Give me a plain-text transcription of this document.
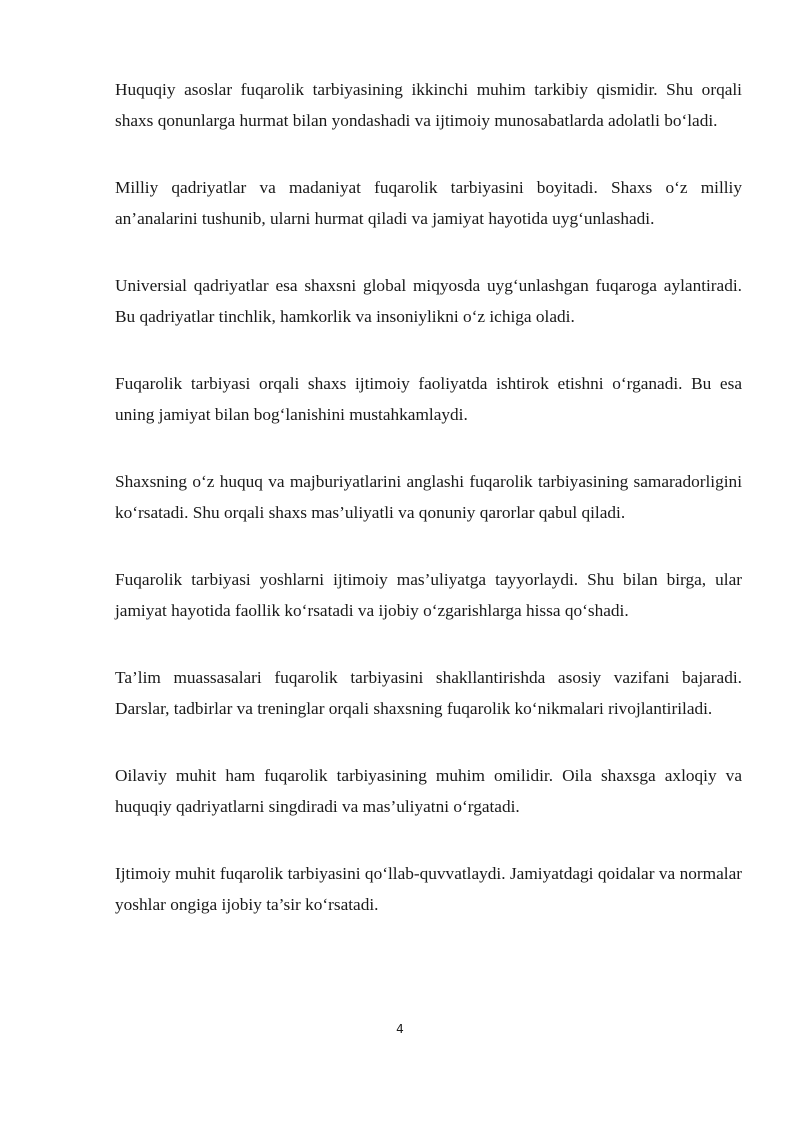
Huquqiy asoslar fuqarolik tarbiyasining ikkinchi muhim tarkibiy qismidir. Shu orqali shaxs qonunlarga hurmat bilan yondashadi va ijtimoiy munosabatlarda adolatli bo‘ladi.

Milliy qadriyatlar va madaniyat fuqarolik tarbiyasini boyitadi. Shaxs o‘z milliy an’analarini tushunib, ularni hurmat qiladi va jamiyat hayotida uyg‘unlashadi.

Universial qadriyatlar esa shaxsni global miqyosda uyg‘unlashgan fuqaroga aylantiradi. Bu qadriyatlar tinchlik, hamkorlik va insoniylikni o‘z ichiga oladi.

Fuqarolik tarbiyasi orqali shaxs ijtimoiy faoliyatda ishtirok etishni o‘rganadi. Bu esa uning jamiyat bilan bog‘lanishini mustahkamlaydi.

Shaxsning o‘z huquq va majburiyatlarini anglashi fuqarolik tarbiyasining samaradorligini ko‘rsatadi. Shu orqali shaxs mas’uliyatli va qonuniy qarorlar qabul qiladi.

Fuqarolik tarbiyasi yoshlarni ijtimoiy mas’uliyatga tayyorlaydi. Shu bilan birga, ular jamiyat hayotida faollik ko‘rsatadi va ijobiy o‘zgarishlarga hissa qo‘shadi.

Ta’lim muassasalari fuqarolik tarbiyasini shakllantirishda asosiy vazifani bajaradi. Darslar, tadbirlar va treninglar orqali shaxsning fuqarolik ko‘nikmalari rivojlantiriladi.

Oilaviy muhit ham fuqarolik tarbiyasining muhim omilidir. Oila shaxsga axloqiy va huquqiy qadriyatlarni singdiradi va mas’uliyatni o‘rgatadi.

Ijtimoiy muhit fuqarolik tarbiyasini qo‘llab-quvvatlaydi. Jamiyatdagi qoidalar va normalar yoshlar ongiga ijobiy ta’sir ko‘rsatadi.

4
